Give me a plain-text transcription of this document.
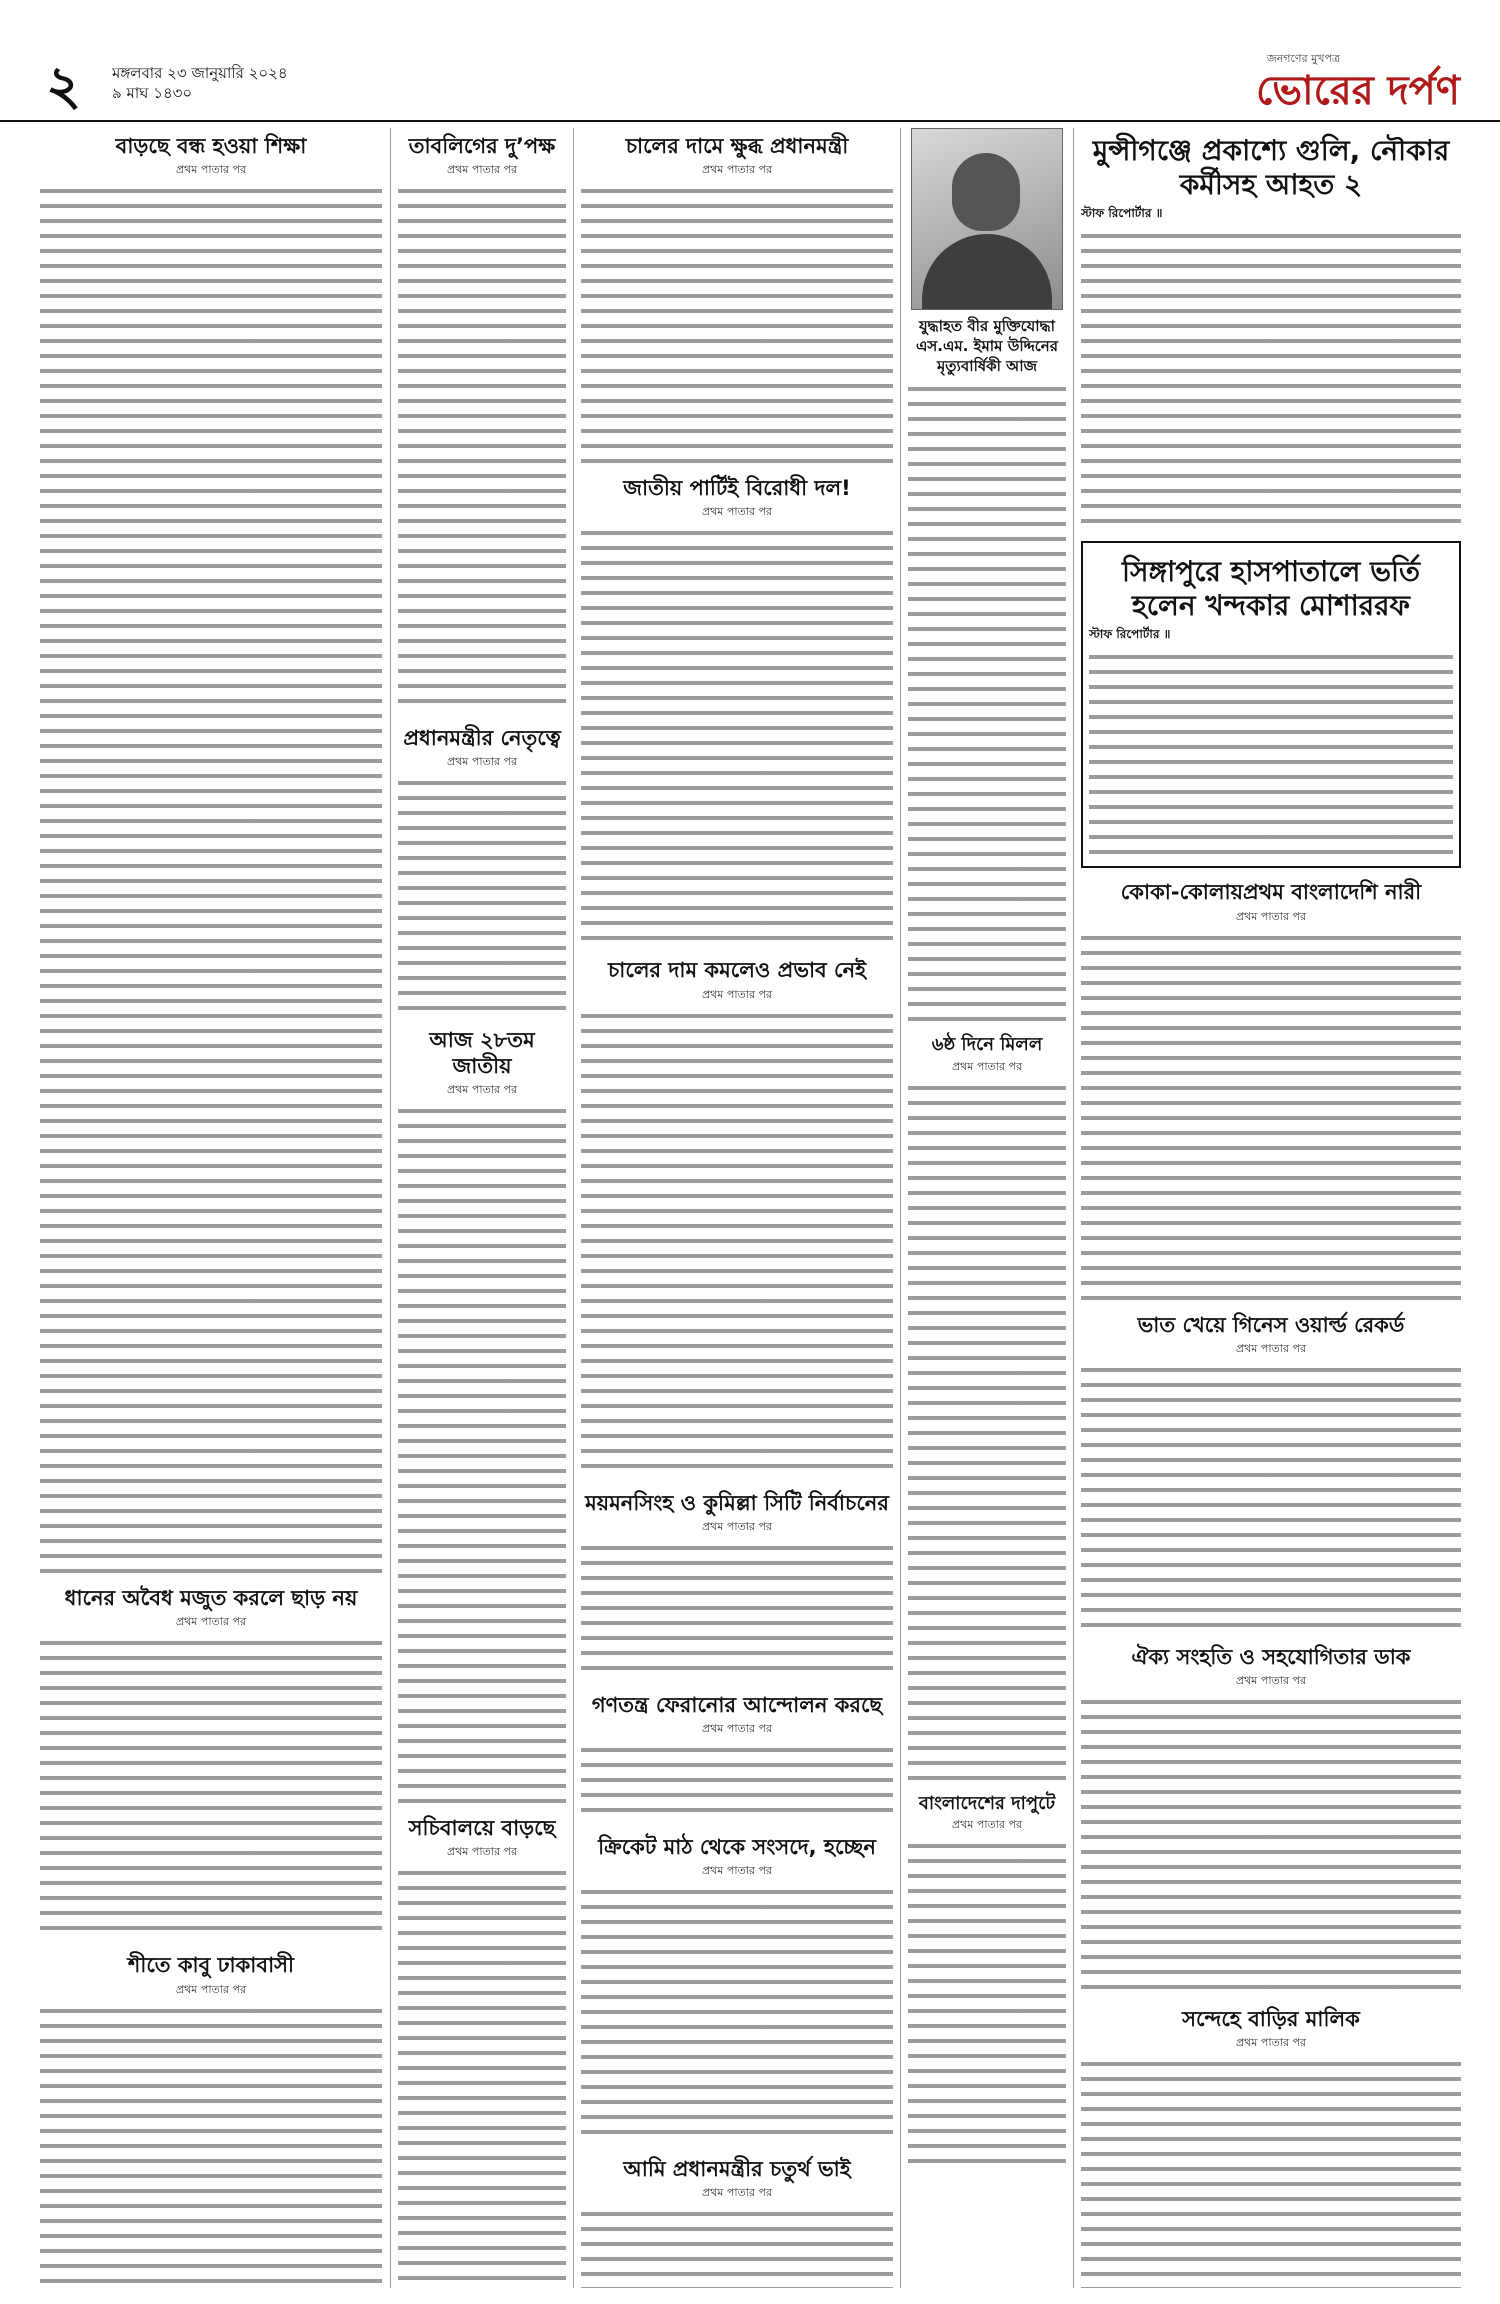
২ মঙ্গলবার ২৩ জানুয়ারি ২০২৪
৯ মাঘ ১৪৩০
জনগণের মুখপত্র
ভোরের দর্পণ
বাড়ছে বন্ধ হওয়া শিক্ষা
প্রথম পাতার পর
ধানের অবৈধ মজুত করলে ছাড় নয়
প্রথম পাতার পর
শীতে কাবু ঢাকাবাসী
প্রথম পাতার পর
তাবলিগের দু’পক্ষ
প্রথম পাতার পর
প্রধানমন্ত্রীর নেতৃত্বে
প্রথম পাতার পর
আজ ২৮তম জাতীয়
প্রথম পাতার পর
সচিবালয়ে বাড়ছে
প্রথম পাতার পর
চালের দামে ক্ষুব্ধ প্রধানমন্ত্রী
প্রথম পাতার পর
জাতীয় পার্টিই বিরোধী দল!
প্রথম পাতার পর
চালের দাম কমলেও প্রভাব নেই
প্রথম পাতার পর
ময়মনসিংহ ও কুমিল্লা সিটি নির্বাচনের
প্রথম পাতার পর
গণতন্ত্র ফেরানোর আন্দোলন করছে
প্রথম পাতার পর
ক্রিকেট মাঠ থেকে সংসদে, হচ্ছেন
প্রথম পাতার পর
আমি প্রধানমন্ত্রীর চতুর্থ ভাই
প্রথম পাতার পর
যুদ্ধাহত বীর মুক্তিযোদ্ধা এস.এম. ইমাম উদ্দিনের মৃত্যুবার্ষিকী আজ
৬ষ্ঠ দিনে মিলল
প্রথম পাতার পর
বাংলাদেশের দাপুটে
প্রথম পাতার পর
মুন্সীগঞ্জে প্রকাশ্যে গুলি, নৌকার কর্মীসহ আহত ২
স্টাফ রিপোর্টার ॥
সিঙ্গাপুরে হাসপাতালে ভর্তি হলেন খন্দকার মোশাররফ
স্টাফ রিপোর্টার ॥
কোকা-কোলায়প্রথম বাংলাদেশি নারী
প্রথম পাতার পর
ভাত খেয়ে গিনেস ওয়ার্ল্ড রেকর্ড
প্রথম পাতার পর
ঐক্য সংহতি ও সহযোগিতার ডাক
প্রথম পাতার পর
সন্দেহে বাড়ির মালিক
প্রথম পাতার পর
